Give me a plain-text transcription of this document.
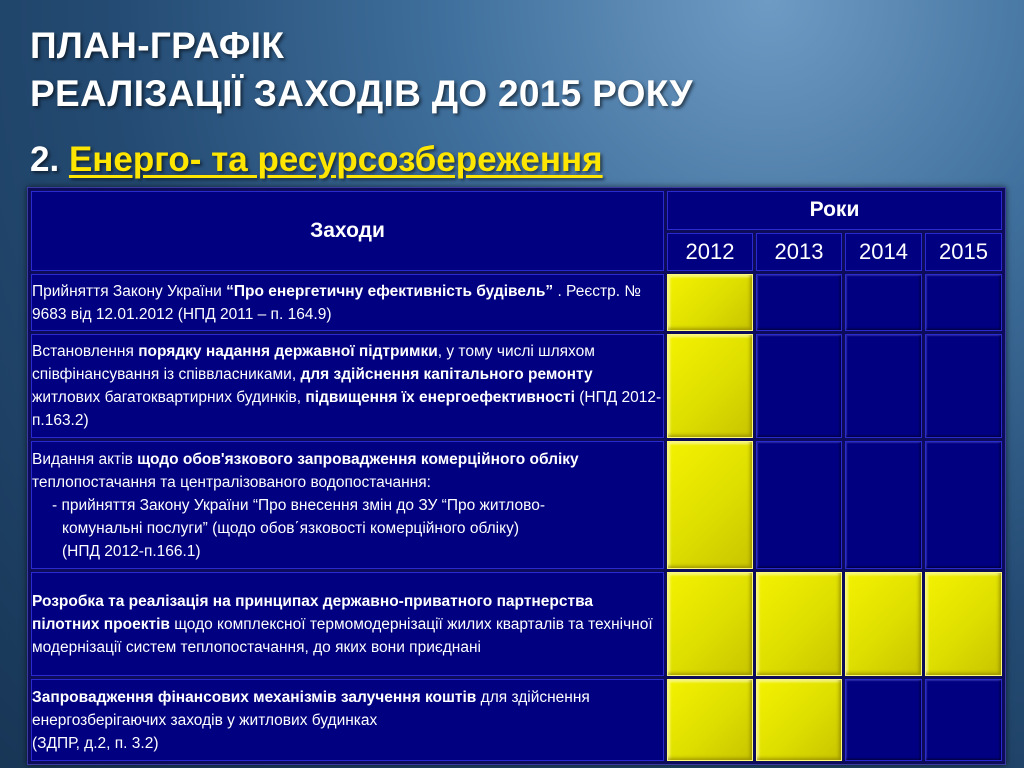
ПЛАН-ГРАФІК
РЕАЛІЗАЦІЇ ЗАХОДІВ ДО 2015 РОКУ
2. Енерго- та ресурсозбереження
Заходи	Роки			
	2012	2013	2014	2015
Прийняття Закону України “Про енергетичну ефективність будівель” . Реєстр. № 9683 від 12.01.2012 (НПД 2011 – п. 164.9)				
Встановлення порядку надання державної підтримки, у тому числі шляхом співфінансування із співвласниками, для здійснення капітального ремонту житлових багатоквартирних будинків, підвищення їх енергоефективності (НПД 2012-п.163.2)				
Видання актів щодо обов'язкового запровадження комерційного обліку теплопостачання та централізованого водопостачання:
- прийняття Закону України “Про внесення змін до ЗУ “Про житлово-
комунальні послуги” (щодо обов΄язковості комерційного обліку)
(НПД 2012-п.166.1)				

Розробка та реалізація на принципах державно-приватного партнерства пілотних проектів щодо комплексної термомодернізації жилих кварталів та технічної модернізації систем теплопостачання, до яких вони приєднані				
Запровадження фінансових механізмів залучення коштів для здійснення енергозберігаючих заходів у житлових будинках
(ЗДПР, д.2, п. 3.2)				
